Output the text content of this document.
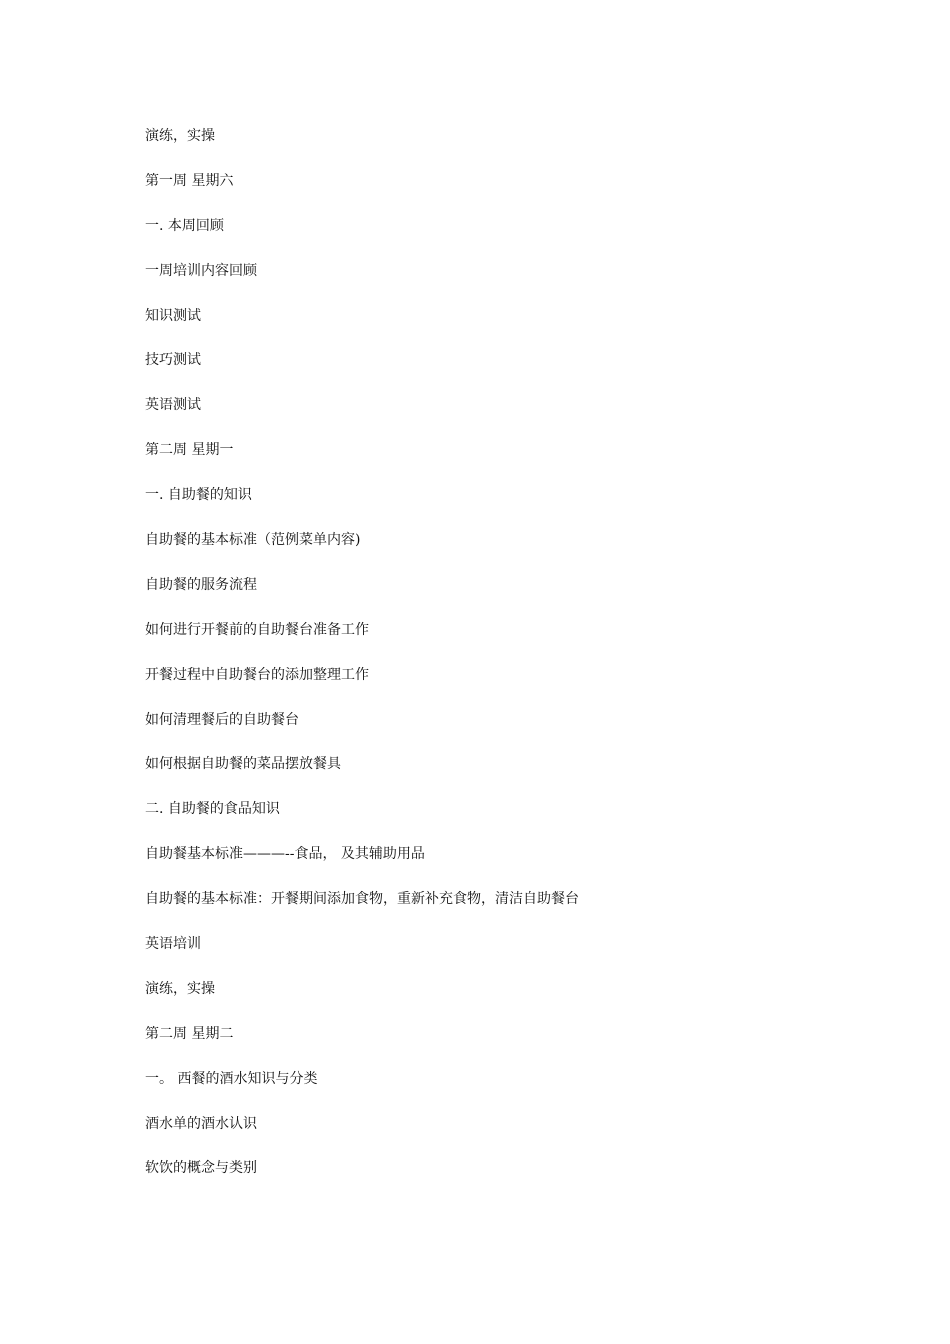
演练，实操

第一周 星期六

一. 本周回顾

一周培训内容回顾

知识测试

技巧测试

英语测试

第二周 星期一

一. 自助餐的知识

自助餐的基本标准（范例菜单内容)

自助餐的服务流程

如何进行开餐前的自助餐台准备工作

开餐过程中自助餐台的添加整理工作

如何清理餐后的自助餐台

如何根据自助餐的菜品摆放餐具

二. 自助餐的食品知识

自助餐基本标准———--食品， 及其辅助用品

自助餐的基本标准：开餐期间添加食物，重新补充食物，清洁自助餐台

英语培训

演练，实操

第二周 星期二

一。 西餐的酒水知识与分类

酒水单的酒水认识

软饮的概念与类别
